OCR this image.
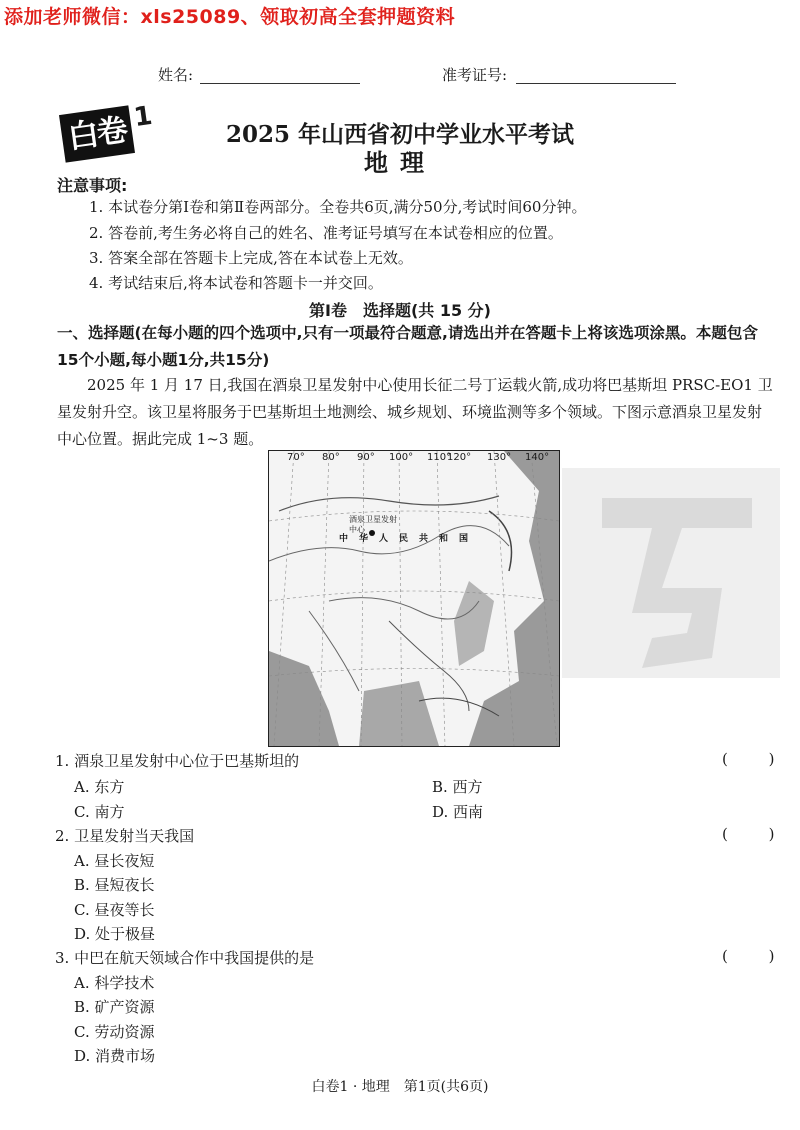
添加老师微信：xls25089、领取初高全套押题资料
姓名:	准考证号:
白卷 1
2025 年山西省初中学业水平考试
地理
注意事项:
1. 本试卷分第Ⅰ卷和第Ⅱ卷两部分。全卷共6页,满分50分,考试时间60分钟。
2. 答卷前,考生务必将自己的姓名、准考证号填写在本试卷相应的位置。
3. 答案全部在答题卡上完成,答在本试卷上无效。
4. 考试结束后,将本试卷和答题卡一并交回。
第Ⅰ卷　选择题(共 15 分)
一、选择题(在每小题的四个选项中,只有一项最符合题意,请选出并在答题卡上将该选项涂黑。本题包含15个小题,每小题1分,共15分)
2025 年 1 月 17 日,我国在酒泉卫星发射中心使用长征二号丁运载火箭,成功将巴基斯坦 PRSC-EO1 卫星发射升空。该卫星将服务于巴基斯坦土地测绘、城乡规划、环境监测等多个领域。下图示意酒泉卫星发射中心位置。据此完成 1~3 题。
70° 80° 90° 100° 110°
120° 130° 140°
酒泉卫星发射中心
中　华　人　民　共　和　国
1. 酒泉卫星发射中心位于巴基斯坦的	( )
A. 东方	B. 西方
C. 南方	D. 西南
2. 卫星发射当天我国	( )
A. 昼长夜短
B. 昼短夜长
C. 昼夜等长
D. 处于极昼
3. 中巴在航天领域合作中我国提供的是	( )
A. 科学技术
B. 矿产资源
C. 劳动资源
D. 消费市场
白卷1 · 地理　第1页(共6页)
